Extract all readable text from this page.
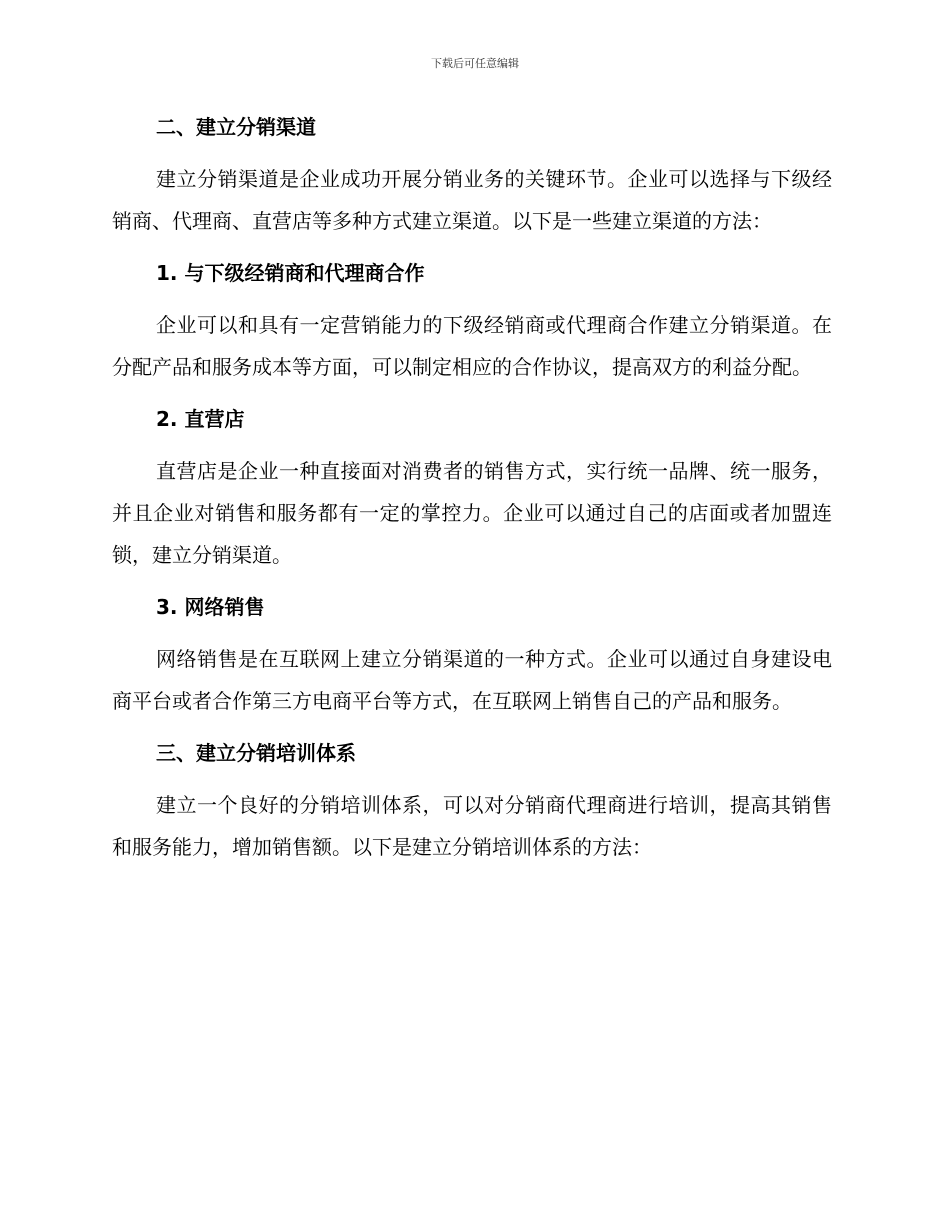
下载后可任意编辑
二、建立分销渠道

建立分销渠道是企业成功开展分销业务的关键环节。企业可以选择与下级经销商、代理商、直营店等多种方式建立渠道。以下是一些建立渠道的方法：

1. 与下级经销商和代理商合作

企业可以和具有一定营销能力的下级经销商或代理商合作建立分销渠道。在分配产品和服务成本等方面，可以制定相应的合作协议，提高双方的利益分配。

2. 直营店

直营店是企业一种直接面对消费者的销售方式，实行统一品牌、统一服务，并且企业对销售和服务都有一定的掌控力。企业可以通过自己的店面或者加盟连锁，建立分销渠道。

3. 网络销售

网络销售是在互联网上建立分销渠道的一种方式。企业可以通过自身建设电商平台或者合作第三方电商平台等方式，在互联网上销售自己的产品和服务。

三、建立分销培训体系

建立一个良好的分销培训体系，可以对分销商代理商进行培训，提高其销售和服务能力，增加销售额。以下是建立分销培训体系的方法：
